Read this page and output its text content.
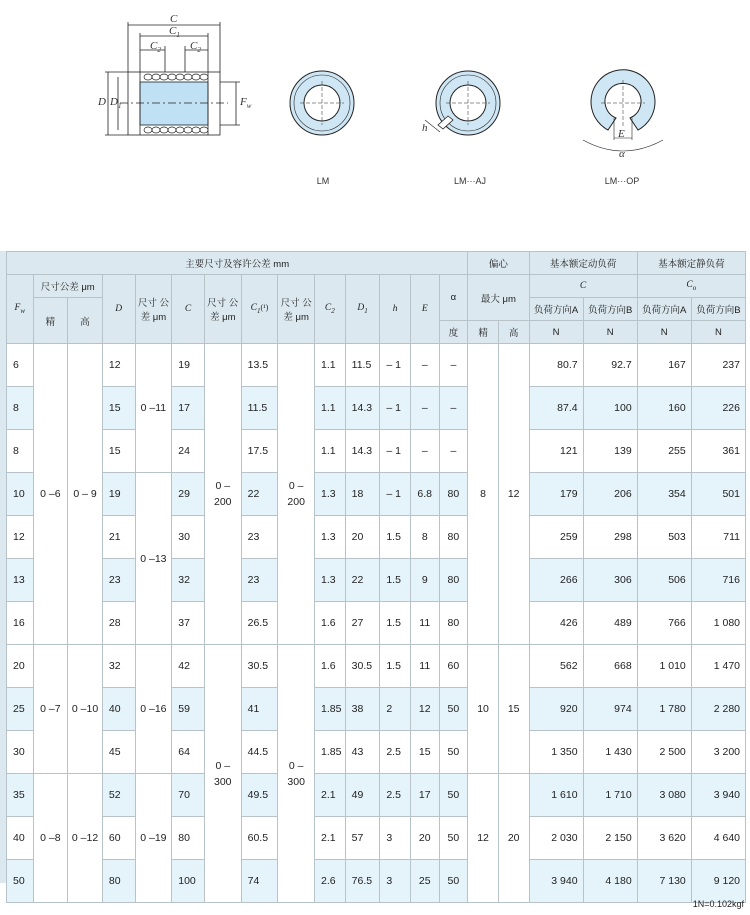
C
$C_1$
$C_2$	$C_2$
D $D_1$	$F_w$
h	E
α
LM	LM···AJ	LM···OP
主要尺寸及容许公差 mm														偏心		基本额定动负荷		基本额定静负荷	
$F_w$	尺寸公差 μm		D	尺寸 公差 μm	C	尺寸 公差 μm	$C_1(^1)$	尺寸 公差 μm	$C_2$	$D_1$	h	E	α	最大 μm		C		$C_o$
	精	高														负荷方向A	负荷方向B	负荷方向A	负荷方向B
													度	精	高	N	N	N	N
6	0 –6	0 – 9	12	0 –11	19	0 –200	13.5	0 –200	1.1	11.5	– 1	–	–	8	12	80.7	92.7	167	237
8			15		17		11.5		1.1	14.3	– 1	–	–			87.4	100	160	226
8			15		24		17.5		1.1	14.3	– 1	–	–			121	139	255	361
10			19	0 –13	29		22		1.3	18	– 1	6.8	80			179	206	354	501
12			21		30		23		1.3	20	1.5	8	80			259	298	503	711
13			23		32		23		1.3	22	1.5	9	80			266	306	506	716
16			28		37		26.5		1.6	27	1.5	11	80			426	489	766	1 080
20	0 –7	0 –10	32	0 –16	42	0 –300	30.5	0 –300	1.6	30.5	1.5	11	60	10	15	562	668	1 010	1 470
25			40		59		41		1.85	38	2	12	50			920	974	1 780	2 280
30			45		64		44.5		1.85	43	2.5	15	50			1 350	1 430	2 500	3 200
35	0 –8	0 –12	52	0 –19	70		49.5		2.1	49	2.5	17	50	12	20	1 610	1 710	3 080	3 940
40			60		80		60.5		2.1	57	3	20	50			2 030	2 150	3 620	4 640
50			80		100		74		2.6	76.5	3	25	50			3 940	4 180	7 130	9 120
1N=0.102kgf
